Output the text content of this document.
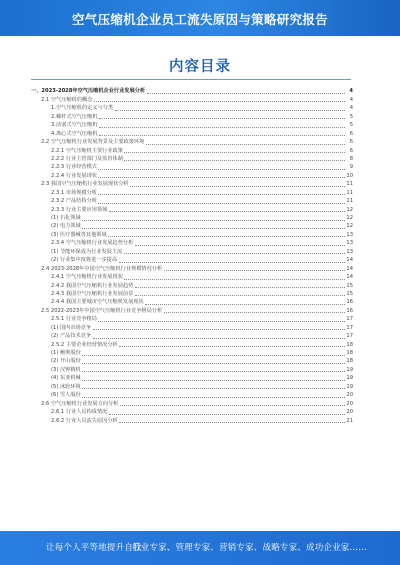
空气压缩机企业员工流失原因与策略研究报告
内容目录
一、2023-2028年空气压缩机企业行业发展分析	4
2.1 空气压缩机的概念	4
1.空气压缩机的定义与分类	4
2.螺杆式空气压缩机	5
3.活塞式空气压缩机	5
4.离心式空气压缩机	6
2.2 空气压缩机行业发展背景及主要政策环境	6
2.2.1 空气压缩机主要行业政策	6
2.2.2 行业主管部门及监管体制	8
2.2.3 行业经营模式	9
2.2.4 行业发展现状	10
2.3 我国空气压缩机行业发展现状分析	11
2.3.1 市场规模分析	11
2.3.2 产品结构分析	11
2.3.3 行业主要应用领域	12
(1) 石化领域	12
(2) 电力领域	12
(3) 医疗器械等其他领域	13
2.3.4 空气压缩机行业发展趋势分析	13
(1) 节能环保成为行业发展主流	13
(2) 行业集中度将进一步提高	14
2.4 2023-2028年中国空气压缩机行业规模情况分析	14
2.4.1 空气压缩机行业发展现状	14
2.4.2 我国空气压缩机行业发展趋势	15
2.4.3 我国空气压缩机行业发展前景	15
2.4.4 我国主要城市空气压缩机发展现状	16
2.5 2022-2023年中国空气压缩机行业竞争格局分析	16
2.5.1 行业竞争格局	17
(1) 国内市场竞争	17
(2) 产品技术竞争	17
2.5.2 主要企业经营情况分析	18
(1) 鲍斯股份	18
(2) 开山股份	18
(3) 汉钟精机	19
(4) 东亚机械	19
(5) 冰轮环境	19
(6) 雪人股份	20
2.6 空气压缩机行业发展方向分析	20
2.6.1 行业人员构成情况	20
2.6.2 行业人员流失原因分析	21
让每个人平等地提升自我
行业专家、管理专家、营销专家、战略专家、成功企业家……
